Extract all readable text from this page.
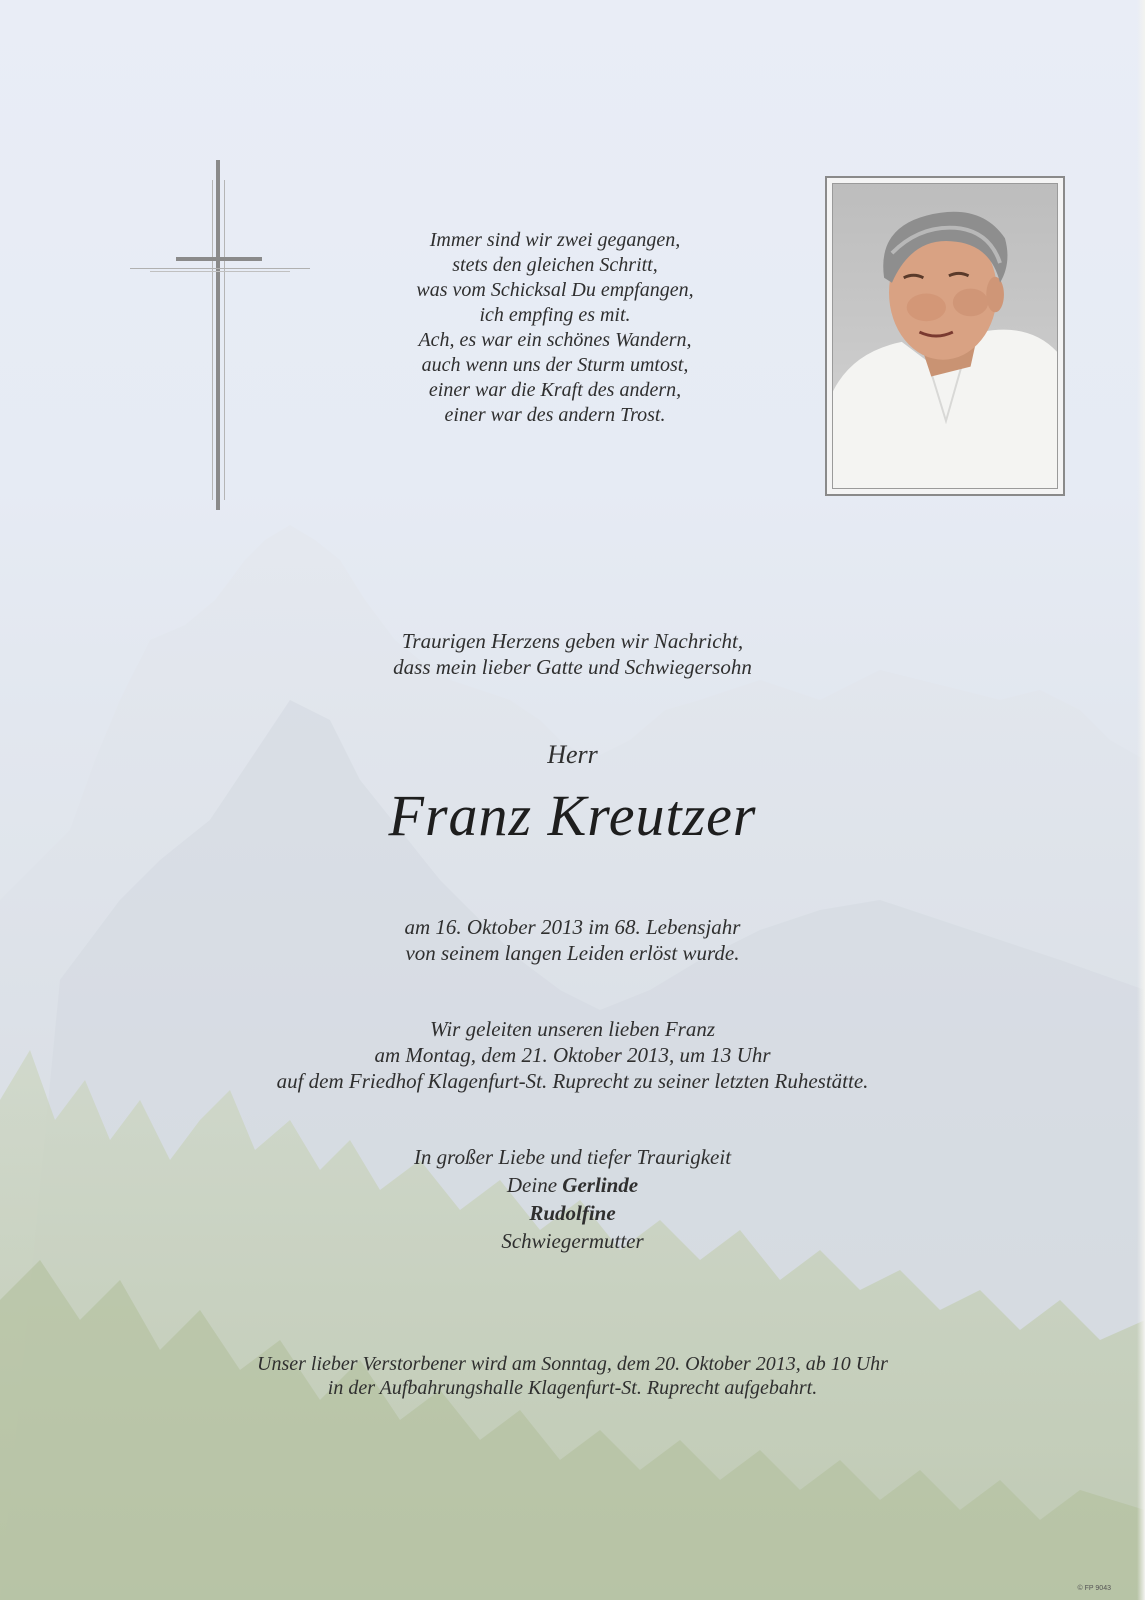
Immer sind wir zwei gegangen,
stets den gleichen Schritt,
was vom Schicksal Du empfangen,
ich empfing es mit.
Ach, es war ein schönes Wandern,
auch wenn uns der Sturm umtost,
einer war die Kraft des andern,
einer war des andern Trost.
Traurigen Herzens geben wir Nachricht,
dass mein lieber Gatte und Schwiegersohn
Herr
Franz Kreutzer
am 16. Oktober 2013 im 68. Lebensjahr
von seinem langen Leiden erlöst wurde.
Wir geleiten unseren lieben Franz
am Montag, dem 21. Oktober 2013, um 13 Uhr
auf dem Friedhof Klagenfurt-St. Ruprecht zu seiner letzten Ruhestätte.
In großer Liebe und tiefer Traurigkeit
Deine Gerlinde
Rudolfine
Schwiegermutter
Unser lieber Verstorbener wird am Sonntag, dem 20. Oktober 2013, ab 10 Uhr
in der Aufbahrungshalle Klagenfurt-St. Ruprecht aufgebahrt.
© FP 9043
